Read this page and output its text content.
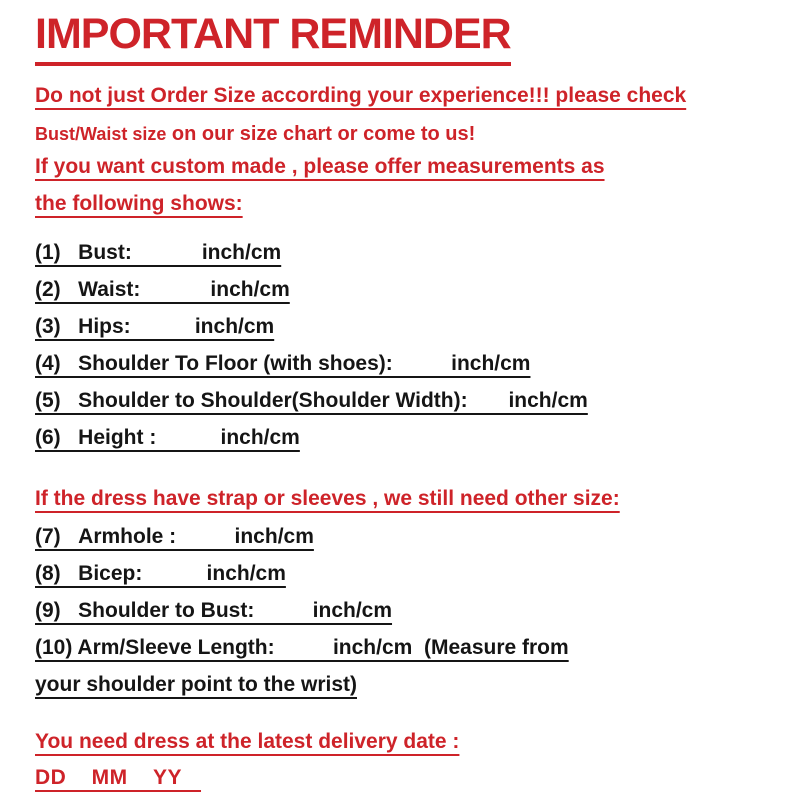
IMPORTANT REMINDER
Do not just Order Size according your experience!!! please check
Bust/Waist size on our size chart or come to us!
If you want custom made , please offer measurements as
the following shows:
(1)   Bust:            inch/cm
(2)   Waist:            inch/cm
(3)   Hips:           inch/cm
(4)   Shoulder To Floor (with shoes):          inch/cm
(5)   Shoulder to Shoulder(Shoulder Width):       inch/cm
(6)   Height :           inch/cm
If the dress have strap or sleeves , we still need other size:
(7)   Armhole :          inch/cm
(8)   Bicep:           inch/cm
(9)   Shoulder to Bust:          inch/cm
(10) Arm/Sleeve Length:          inch/cm  (Measure from
your shoulder point to the wrist)
You need dress at the latest delivery date :
DD    MM    YY
